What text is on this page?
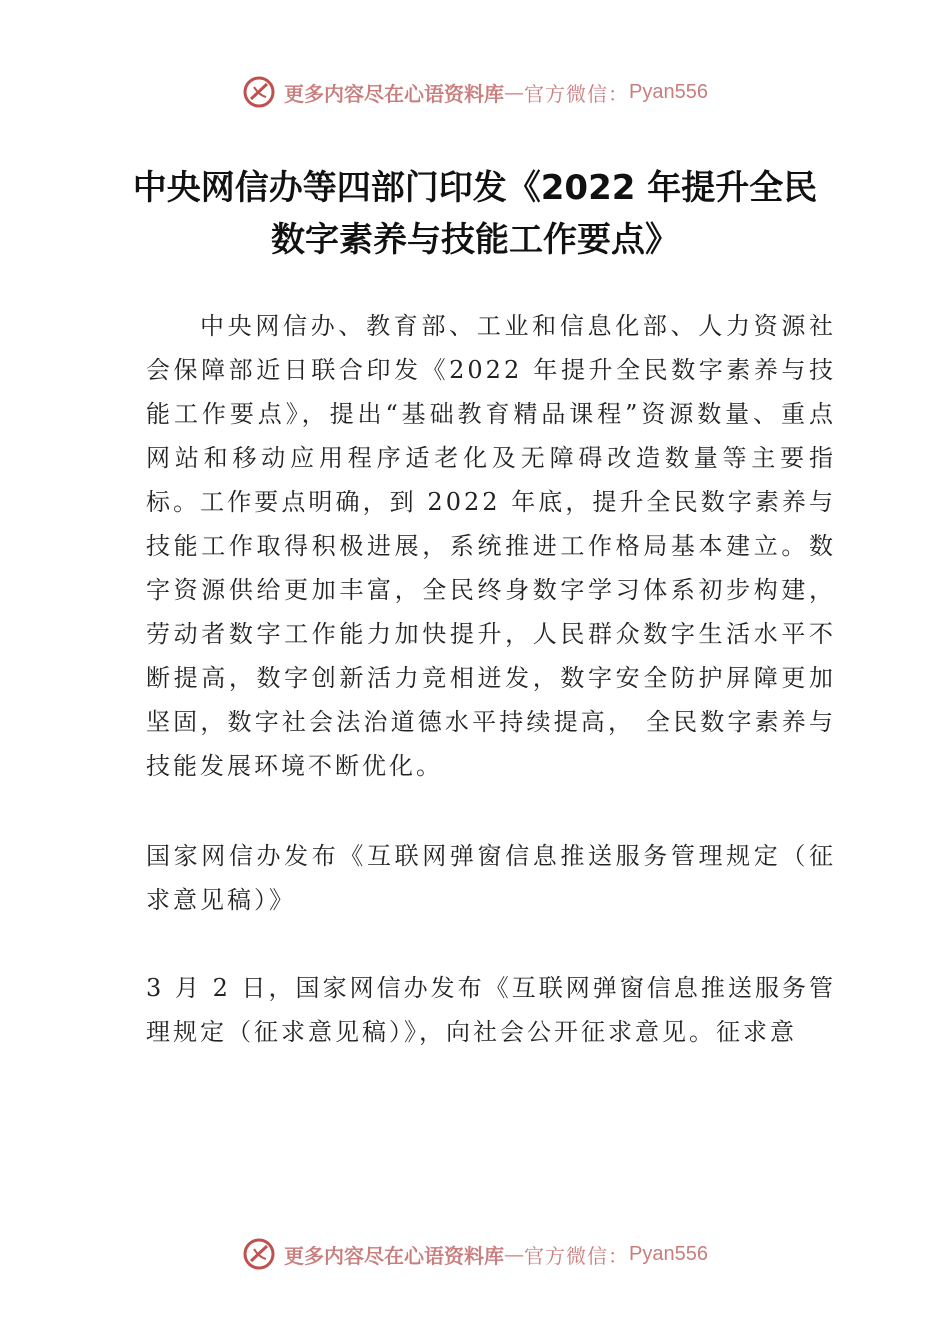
更多内容尽在心语资料库 — 官方微信： Pyan556
中央网信办等四部门印发《2022 年提升全民
数字素养与技能工作要点》
中央网信办、教育部、工业和信息化部、人力资源社会保障部近日联合印发《2022 年提升全民数字素养与技能工作要点》，提出“基础教育精品课程”资源数量、重点网站和移动应用程序适老化及无障碍改造数量等主要指标。工作要点明确，到 2022 年底，提升全民数字素养与技能工作取得积极进展，系统推进工作格局基本建立。数字资源供给更加丰富，全民终身数字学习体系初步构建，劳动者数字工作能力加快提升，人民群众数字生活水平不断提高，数字创新活力竞相迸发，数字安全防护屏障更加坚固，数字社会法治道德水平持续提高， 全民数字素养与技能发展环境不断优化。
国家网信办发布《互联网弹窗信息推送服务管理规定（征求意见稿）》
3 月 2 日，国家网信办发布《互联网弹窗信息推送服务管理规定（征求意见稿）》，向社会公开征求意见。征求意
更多内容尽在心语资料库 — 官方微信： Pyan556
